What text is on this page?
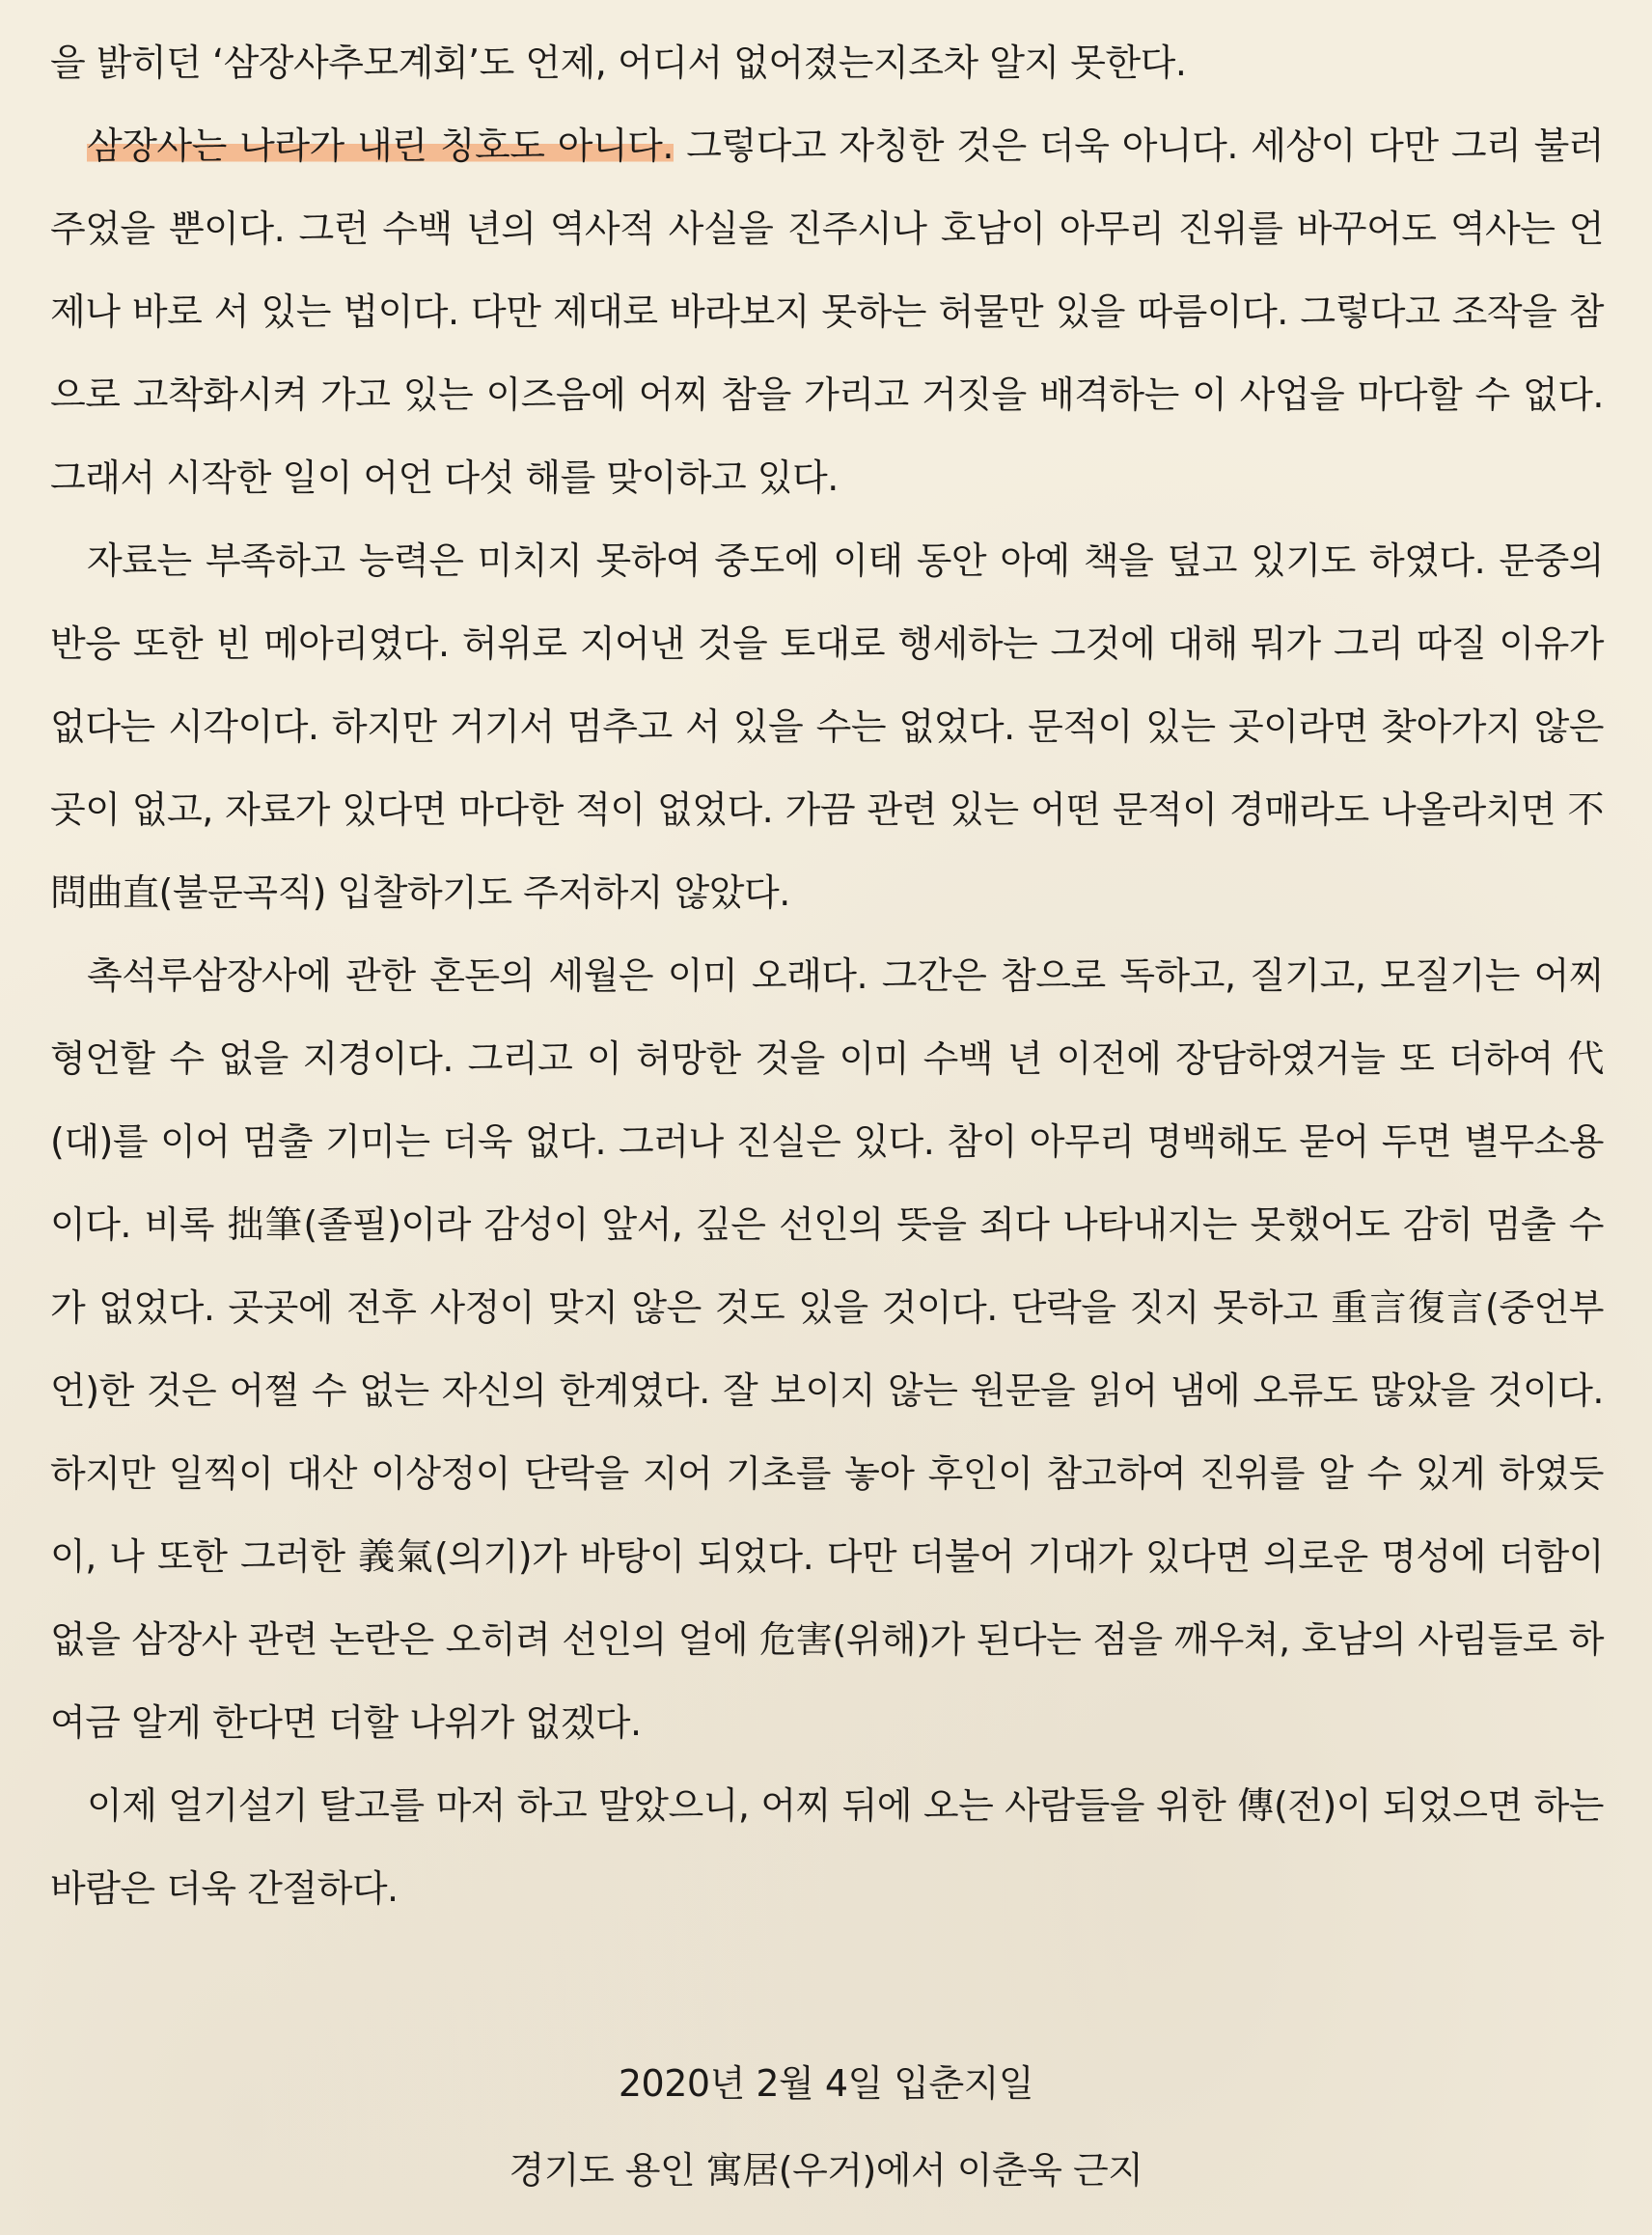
을 밝히던 ‘삼장사추모계회’도 언제, 어디서 없어졌는지조차 알지 못한다.

삼장사는 나라가 내린 칭호도 아니다. 그렇다고 자칭한 것은 더욱 아니다. 세상이 다만 그리 불러 주었을 뿐이다. 그런 수백 년의 역사적 사실을 진주시나 호남이 아무리 진위를 바꾸어도 역사는 언제나 바로 서 있는 법이다. 다만 제대로 바라보지 못하는 허물만 있을 따름이다. 그렇다고 조작을 참으로 고착화시켜 가고 있는 이즈음에 어찌 참을 가리고 거짓을 배격하는 이 사업을 마다할 수 없다. 그래서 시작한 일이 어언 다섯 해를 맞이하고 있다.

자료는 부족하고 능력은 미치지 못하여 중도에 이태 동안 아예 책을 덮고 있기도 하였다. 문중의 반응 또한 빈 메아리였다. 허위로 지어낸 것을 토대로 행세하는 그것에 대해 뭐가 그리 따질 이유가 없다는 시각이다. 하지만 거기서 멈추고 서 있을 수는 없었다. 문적이 있는 곳이라면 찾아가지 않은 곳이 없고, 자료가 있다면 마다한 적이 없었다. 가끔 관련 있는 어떤 문적이 경매라도 나올라치면 不問曲直(불문곡직) 입찰하기도 주저하지 않았다.

촉석루삼장사에 관한 혼돈의 세월은 이미 오래다. 그간은 참으로 독하고, 질기고, 모질기는 어찌 형언할 수 없을 지경이다. 그리고 이 허망한 것을 이미 수백 년 이전에 장담하였거늘 또 더하여 代(대)를 이어 멈출 기미는 더욱 없다. 그러나 진실은 있다. 참이 아무리 명백해도 묻어 두면 별무소용이다. 비록 拙筆(졸필)이라 감성이 앞서, 깊은 선인의 뜻을 죄다 나타내지는 못했어도 감히 멈출 수가 없었다. 곳곳에 전후 사정이 맞지 않은 것도 있을 것이다. 단락을 짓지 못하고 重言復言(중언부언)한 것은 어쩔 수 없는 자신의 한계였다. 잘 보이지 않는 원문을 읽어 냄에 오류도 많았을 것이다. 하지만 일찍이 대산 이상정이 단락을 지어 기초를 놓아 후인이 참고하여 진위를 알 수 있게 하였듯이, 나 또한 그러한 義氣(의기)가 바탕이 되었다. 다만 더불어 기대가 있다면 의로운 명성에 더함이 없을 삼장사 관련 논란은 오히려 선인의 얼에 危害(위해)가 된다는 점을 깨우쳐, 호남의 사림들로 하여금 알게 한다면 더할 나위가 없겠다.

이제 얼기설기 탈고를 마저 하고 말았으니, 어찌 뒤에 오는 사람들을 위한 傳(전)이 되었으면 하는 바람은 더욱 간절하다.

2020년 2월 4일 입춘지일
경기도 용인 寓居(우거)에서 이춘욱 근지
